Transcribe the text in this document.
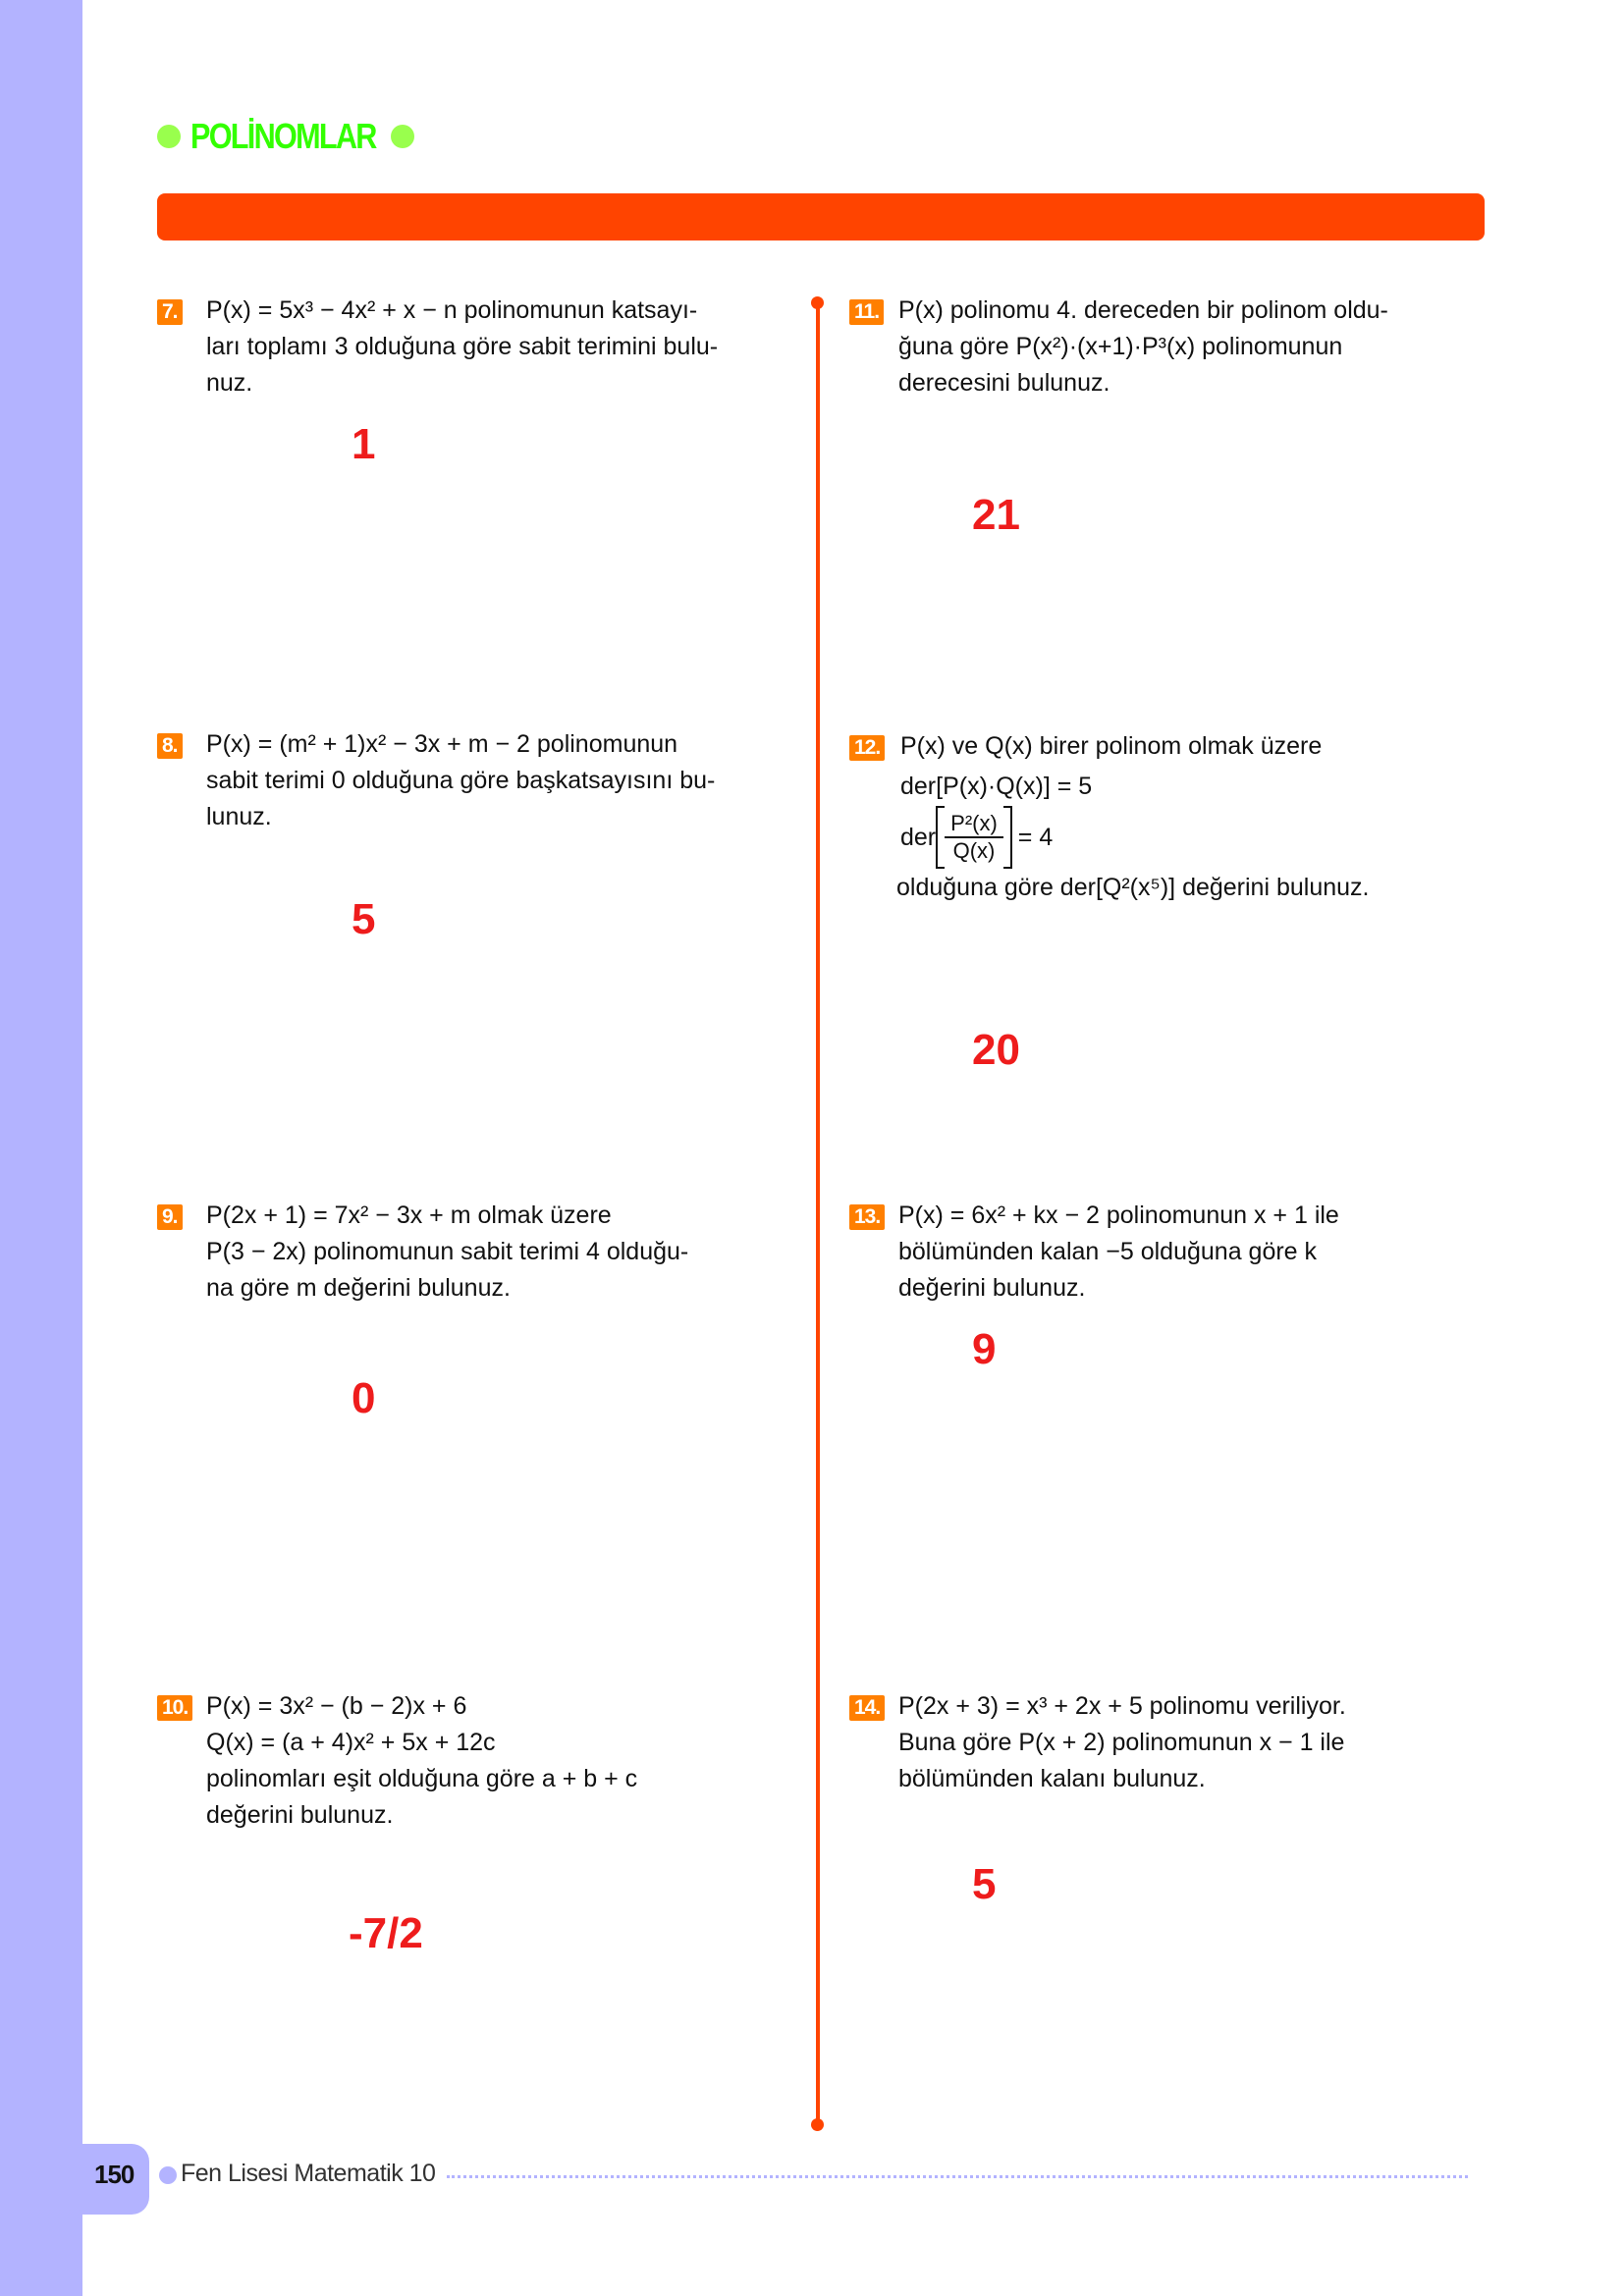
POLİNOMLAR
7. P(x) = 5x³ − 4x² + x − n polinomunun katsayı-
ları toplamı 3 olduğuna göre sabit terimini bulu-
nuz.
1
8. P(x) = (m² + 1)x² − 3x + m − 2 polinomunun
sabit terimi 0 olduğuna göre başkatsayısını bu-
lunuz.
5
9. P(2x + 1) = 7x² − 3x + m olmak üzere
P(3 − 2x) polinomunun sabit terimi 4 olduğu-
na göre m değerini bulunuz.
0
10. P(x) = 3x² − (b − 2)x + 6
Q(x) = (a + 4)x² + 5x + 12c
polinomları eşit olduğuna göre a + b + c
değerini bulunuz.
-7/2
11. P(x) polinomu 4. dereceden bir polinom oldu-
ğuna göre P(x²)·(x+1)·P³(x) polinomunun
derecesini bulunuz.
21
12. P(x) ve Q(x) birer polinom olmak üzere
der[P(x)·Q(x)] = 5
der $\frac{\text{P²(x)}}{Q(x)} = 4$
olduğuna göre der[Q²(x⁵)] değerini bulunuz.
20
13. P(x) = 6x² + kx − 2 polinomunun x + 1 ile
bölümünden kalan −5 olduğuna göre k
değerini bulunuz.
9
14. P(2x + 3) = x³ + 2x + 5 polinomu veriliyor.
Buna göre P(x + 2) polinomunun x − 1 ile
bölümünden kalanı bulunuz.
5
150 Fen Lisesi Matematik 10
